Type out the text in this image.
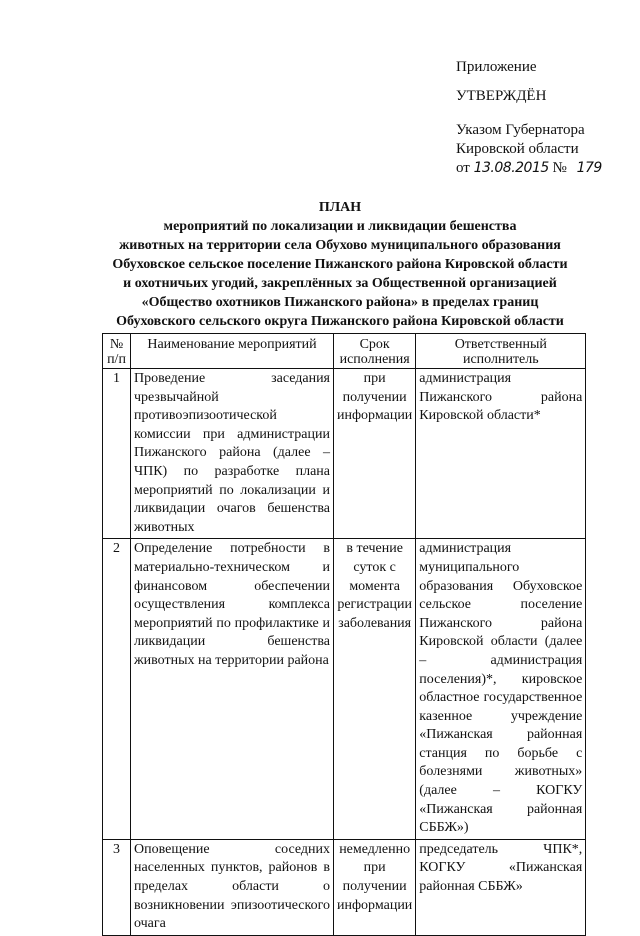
Приложение
УТВЕРЖДЁН
Указом Губернатора
Кировской области
от 13.08.2015 № 179
ПЛАН
мероприятий по локализации и ликвидации бешенства
животных на территории села Обухово муниципального образования
Обуховское сельское поселение Пижанского района Кировской области
и охотничьих угодий, закреплённых за Общественной организацией
«Общество охотников Пижанского района» в пределах границ
Обуховского сельского округа Пижанского района Кировской области
№ п/п	Наименование мероприятий	Срок исполнения	Ответственный исполнитель
1	Проведение заседания чрезвычайной противоэпизоотической комиссии при администрации Пижанского района (далее – ЧПК) по разработке плана мероприятий по локализации и ликвидации очагов бешенства животных	при получении информации	администрация Пижанского района Кировской области*
2	Определение потребности в материально-техническом и финансовом обеспечении осуществления комплекса мероприятий по профилактике и ликвидации бешенства животных на территории района	в течение суток с момента регистрации заболевания	администрация муниципального образования Обуховское сельское поселение Пижанского района Кировской области (далее – администрация поселения)*, кировское областное государственное казенное учреждение «Пижанская районная станция по борьбе с болезнями животных» (далее – КОГКУ «Пижанская районная СББЖ»)
3	Оповещение соседних населенных пунктов, районов в пределах области о возникновении эпизоотического очага	немедленно при получении информации	председатель ЧПК*, КОГКУ «Пижанская районная СББЖ»
